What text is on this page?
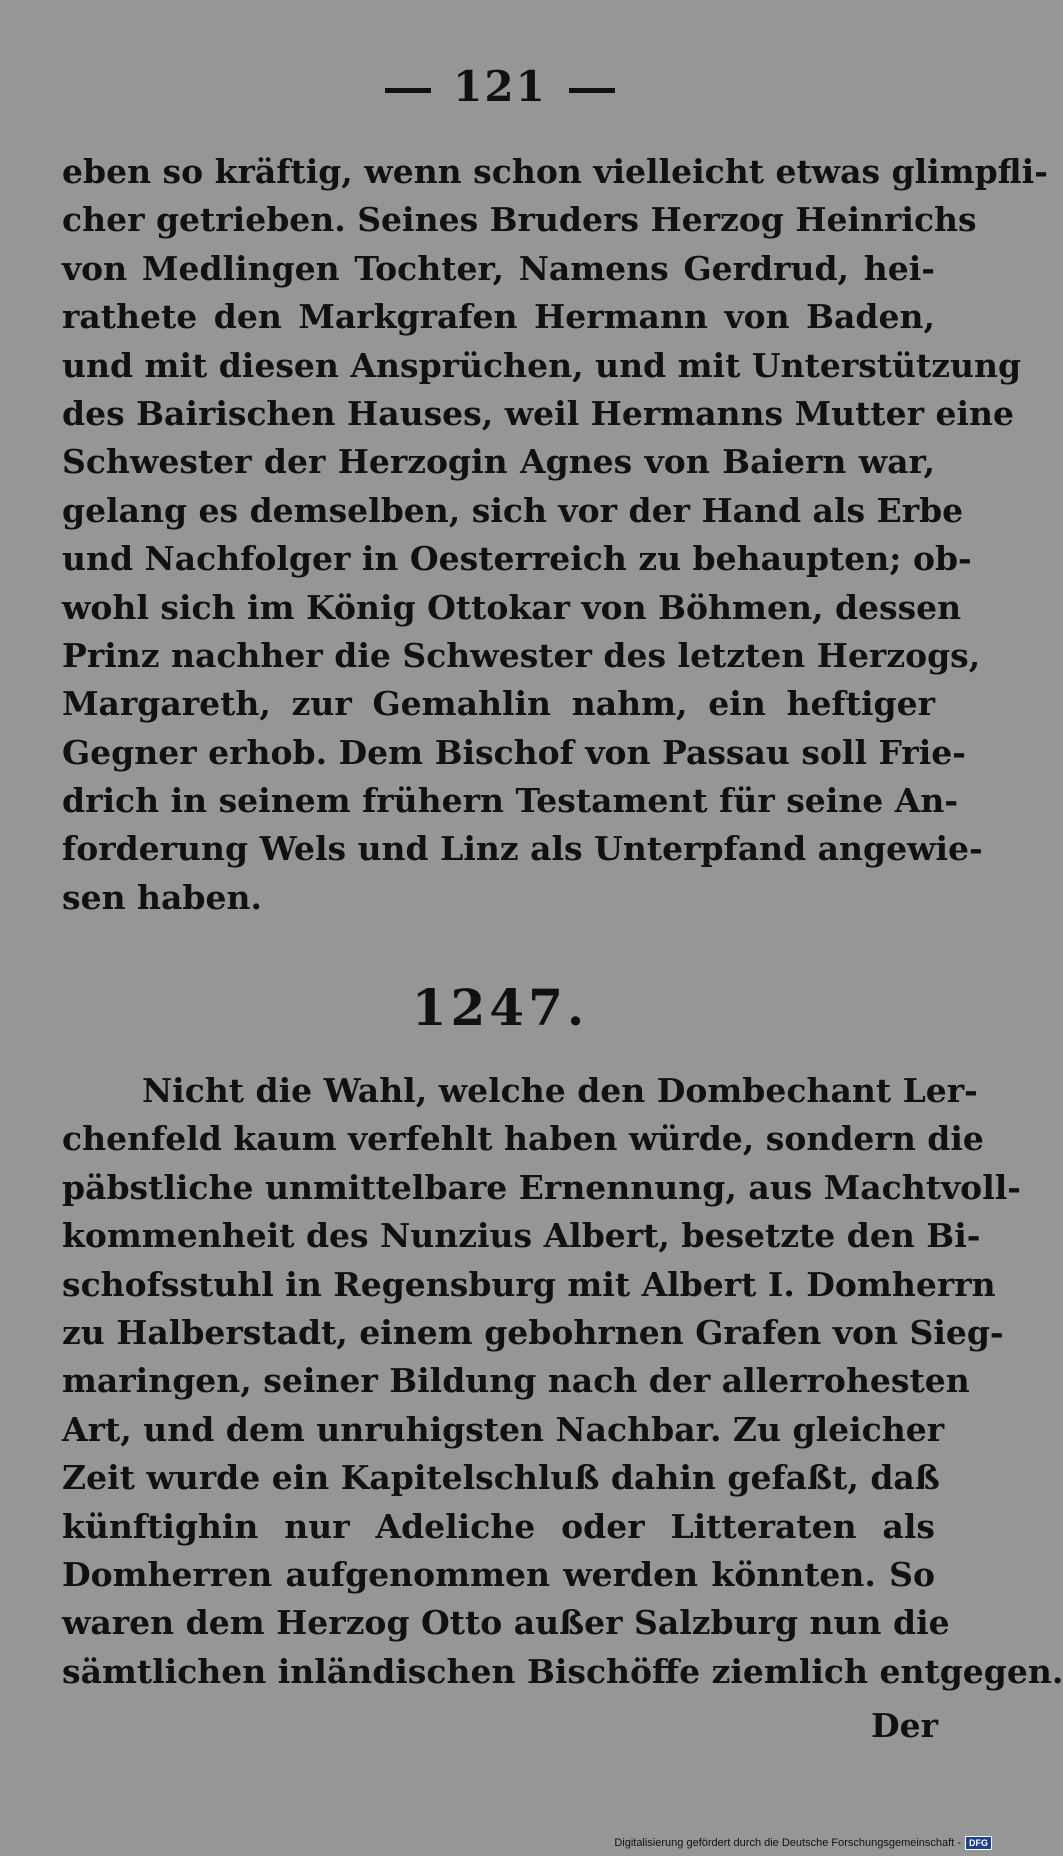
121
eben so kräftig, wenn schon vielleicht etwas glimpfli-
cher getrieben. Seines Bruders Herzog Heinrichs
von Medlingen Tochter, Namens Gerdrud, hei-
rathete den Markgrafen Hermann von Baden,
und mit diesen Ansprüchen, und mit Unterstützung
des Bairischen Hauses, weil Hermanns Mutter eine
Schwester der Herzogin Agnes von Baiern war,
gelang es demselben, sich vor der Hand als Erbe
und Nachfolger in Oesterreich zu behaupten; ob-
wohl sich im König Ottokar von Böhmen, dessen
Prinz nachher die Schwester des letzten Herzogs,
Margareth, zur Gemahlin nahm, ein heftiger
Gegner erhob. Dem Bischof von Passau soll Frie-
drich in seinem frühern Testament für seine An-
forderung Wels und Linz als Unterpfand angewie-
sen haben.
1247.
Nicht die Wahl, welche den Dombechant Ler-
chenfeld kaum verfehlt haben würde, sondern die
päbstliche unmittelbare Ernennung, aus Machtvoll-
kommenheit des Nunzius Albert, besetzte den Bi-
schofsstuhl in Regensburg mit Albert I. Domherrn
zu Halberstadt, einem gebohrnen Grafen von Sieg-
maringen, seiner Bildung nach der allerrohesten
Art, und dem unruhigsten Nachbar. Zu gleicher
Zeit wurde ein Kapitelschluß dahin gefaßt, daß
künftighin nur Adeliche oder Litteraten als
Domherren aufgenommen werden könnten. So
waren dem Herzog Otto außer Salzburg nun die
sämtlichen inländischen Bischöffe ziemlich entgegen.
Der
Digitalisierung gefördert durch die Deutsche Forschungsgemeinschaft - DFG
